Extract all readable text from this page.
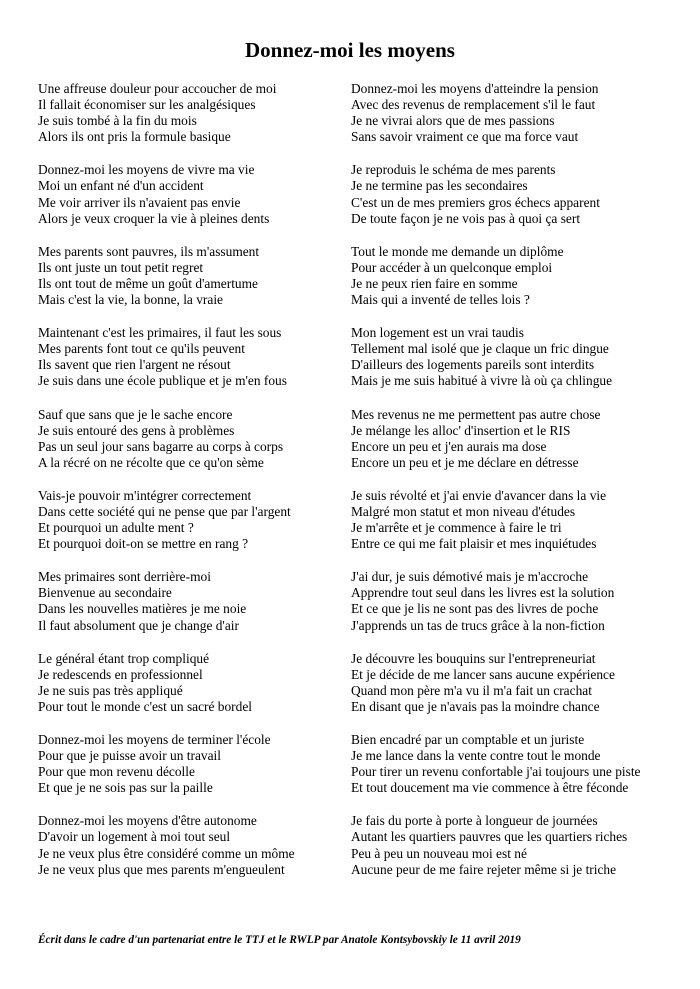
Donnez-moi les moyens
Une affreuse douleur pour accoucher de moi
Il fallait économiser sur les analgésiques
Je suis tombé à la fin du mois
Alors ils ont pris la formule basique
Donnez-moi les moyens de vivre ma vie
Moi un enfant né d'un accident
Me voir arriver ils n'avaient pas envie
Alors je veux croquer la vie à pleines dents
Mes parents sont pauvres, ils m'assument
Ils ont juste un tout petit regret
Ils ont tout de même un goût d'amertume
Mais c'est la vie, la bonne, la vraie
Maintenant c'est les primaires, il faut les sous
Mes parents font tout ce qu'ils peuvent
Ils savent que rien l'argent ne résout
Je suis dans une école publique et je m'en fous
Sauf que sans que je le sache encore
Je suis entouré des gens à problèmes
Pas un seul jour sans bagarre au corps à corps
A la récré on ne récolte que ce qu'on sème
Vais-je pouvoir m'intégrer correctement
Dans cette société qui ne pense que par l'argent
Et pourquoi un adulte ment ?
Et pourquoi doit-on se mettre en rang ?
Mes primaires sont derrière-moi
Bienvenue au secondaire
Dans les nouvelles matières je me noie
Il faut absolument que je change d'air
Le général étant trop compliqué
Je redescends en professionnel
Je ne suis pas très appliqué
Pour tout le monde c'est un sacré bordel
Donnez-moi les moyens de terminer l'école
Pour que je puisse avoir un travail
Pour que mon revenu décolle
Et que je ne sois pas sur la paille
Donnez-moi les moyens d'être autonome
D'avoir un logement à moi tout seul
Je ne veux plus être considéré comme un môme
Je ne veux plus que mes parents m'engueulent
Donnez-moi les moyens d'atteindre la pension
Avec des revenus de remplacement s'il le faut
Je ne vivrai alors que de mes passions
Sans savoir vraiment ce que ma force vaut
Je reproduis le schéma de mes parents
Je ne termine pas les secondaires
C'est un de mes premiers gros échecs apparent
De toute façon je ne vois pas à quoi ça sert
Tout le monde me demande un diplôme
Pour accéder à un quelconque emploi
Je ne peux rien faire en somme
Mais qui a inventé de telles lois ?
Mon logement est un vrai taudis
Tellement mal isolé que je claque un fric dingue
D'ailleurs des logements pareils sont interdits
Mais je me suis habitué à vivre là où ça chlingue
Mes revenus ne me permettent pas autre chose
Je mélange les alloc' d'insertion et le RIS
Encore un peu et j'en aurais ma dose
Encore un peu et je me déclare en détresse
Je suis révolté et j'ai envie d'avancer dans la vie
Malgré mon statut et mon niveau d'études
Je m'arrête et je commence à faire le tri
Entre ce qui me fait plaisir et mes inquiétudes
J'ai dur, je suis démotivé mais je m'accroche
Apprendre tout seul dans les livres est la solution
Et ce que je lis ne sont pas des livres de poche
J'apprends un tas de trucs grâce à la non-fiction
Je découvre les bouquins sur l'entrepreneuriat
Et je décide de me lancer sans aucune expérience
Quand mon père m'a vu il m'a fait un crachat
En disant que je n'avais pas la moindre chance
Bien encadré par un comptable et un juriste
Je me lance dans la vente contre tout le monde
Pour tirer un revenu confortable j'ai toujours une piste
Et tout doucement ma vie commence à être féconde
Je fais du porte à porte à longueur de journées
Autant les quartiers pauvres que les quartiers riches
Peu à peu un nouveau moi est né
Aucune peur de me faire rejeter même si je triche
Écrit dans le cadre d'un partenariat entre le TTJ et le RWLP par Anatole Kontsybovskiy le 11 avril 2019
